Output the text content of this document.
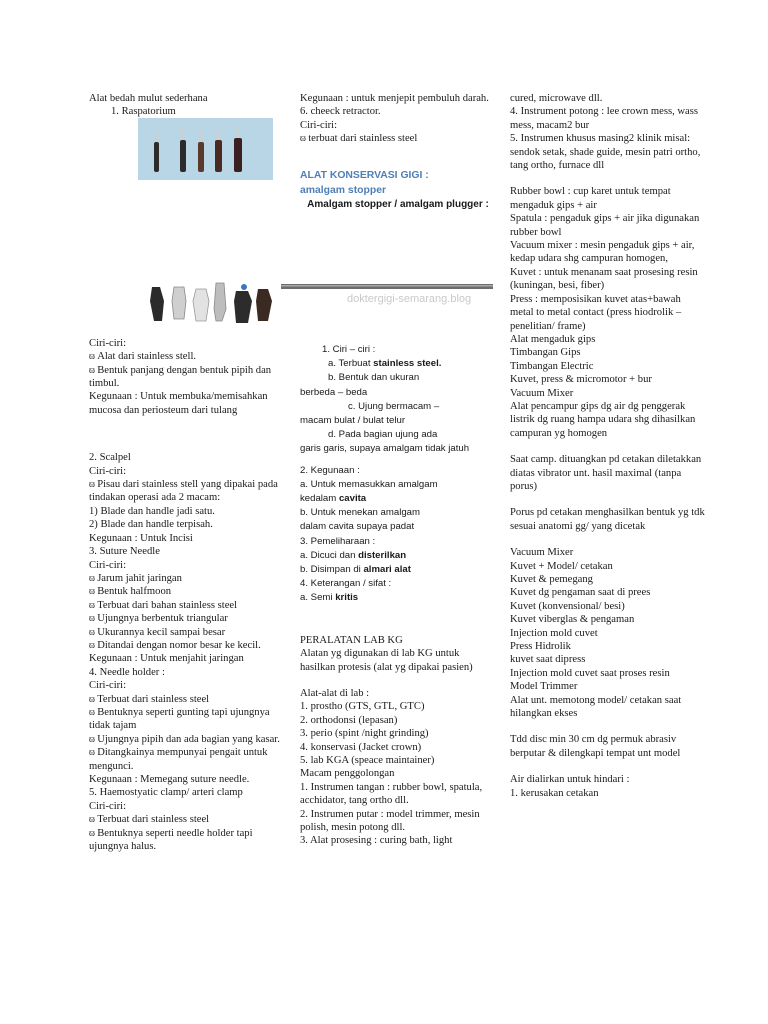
doktergigi-semarang.blog

Alat bedah mulut sederhana

1. Raspatorium

Ciri-ciri:

ϖ Alat dari stainless stell.

ϖ Bentuk panjang dengan bentuk pipih dan timbul.

Kegunaan : Untuk membuka/memisahkan mucosa dan periosteum dari tulang

2. Scalpel

Ciri-ciri:

ϖ Pisau dari stainless stell yang dipakai pada tindakan operasi ada 2 macam:

1) Blade dan handle jadi satu.

2) Blade dan handle terpisah.

Kegunaan : Untuk Incisi

3. Suture Needle

Ciri-ciri:

ϖ Jarum jahit jaringan

ϖ Bentuk halfmoon

ϖ Terbuat dari bahan stainless steel

ϖ Ujungnya berbentuk triangular

ϖ Ukurannya kecil sampai besar

ϖ Ditandai dengan nomor besar ke kecil.

Kegunaan : Untuk menjahit jaringan

4. Needle holder :

Ciri-ciri:

ϖ Terbuat dari stainless steel

ϖ Bentuknya seperti gunting tapi ujungnya tidak tajam

ϖ Ujungnya pipih dan ada bagian yang kasar.

ϖ Ditangkainya mempunyai pengait untuk mengunci.

Kegunaan : Memegang suture needle.

5. Haemostyatic clamp/ arteri clamp

Ciri-ciri:

ϖ Terbuat dari stainless steel

ϖ Bentuknya seperti needle holder tapi ujungnya halus.

Kegunaan : untuk menjepit pembuluh darah.

6. cheeck retractor.

Ciri-ciri:

ϖ terbuat dari stainless steel

ALAT KONSERVASI GIGI :

amalgam stopper

Amalgam stopper / amalgam plugger :

1. Ciri – ciri :

a. Terbuat stainless steel.

b. Bentuk dan ukuran

berbeda – beda

c. Ujung bermacam –

macam bulat / bulat telur

d. Pada bagian ujung ada

garis garis, supaya amalgam tidak jatuh

2. Kegunaan :

a. Untuk memasukkan amalgam

kedalam cavita

b. Untuk menekan amalgam

dalam cavita supaya padat

3. Pemeliharaan :

a. Dicuci dan disterilkan

b. Disimpan di almari alat

4. Keterangan / sifat :

a. Semi kritis

PERALATAN LAB KG

Alatan yg digunakan di lab KG untuk hasilkan protesis (alat yg dipakai pasien)

Alat-alat di lab :

1. prostho (GTS, GTL, GTC)

2. orthodonsi (lepasan)

3. perio (spint /night grinding)

4. konservasi (Jacket crown)

5. lab KGA (speace maintainer)

Macam penggolongan

1. Instrumen tangan : rubber bowl, spatula, acchidator, tang ortho dll.

2. Instrumen putar : model trimmer, mesin polish, mesin potong dll.

3. Alat prosesing : curing bath, light

cured, microwave dll.

4. Instrument potong : lee crown mess, wass mess, macam2 bur

5. Instrumen khusus masing2 klinik misal: sendok setak, shade guide, mesin patri ortho, tang ortho, furnace dll

Rubber bowl : cup karet untuk tempat mengaduk gips + air

Spatula : pengaduk gips + air jika digunakan rubber bowl

Vacuum mixer : mesin pengaduk gips + air, kedap udara shg campuran homogen,

Kuvet : untuk menanam saat prosesing resin (kuningan, besi, fiber)

Press : memposisikan kuvet atas+bawah metal to metal contact (press hiodrolik – penelitian/ frame)

Alat mengaduk gips

Timbangan Gips

Timbangan Electric

Kuvet, press & micromotor + bur

Vacuum Mixer

Alat pencampur gips dg air dg penggerak listrik dg ruang hampa udara shg dihasilkan campuran yg homogen

Saat camp. dituangkan pd cetakan diletakkan diatas vibrator unt. hasil maximal (tanpa porus)

Porus pd cetakan menghasilkan bentuk yg tdk sesuai anatomi gg/ yang dicetak

Vacuum Mixer

Kuvet + Model/ cetakan

Kuvet & pemegang

Kuvet dg pengaman saat di prees

Kuvet (konvensional/ besi)

Kuvet viberglas & pengaman

Injection mold cuvet

Press Hidrolik

kuvet saat dipress

Injection mold cuvet saat proses resin

Model Trimmer

Alat unt. memotong model/ cetakan saat hilangkan ekses

Tdd disc min 30 cm dg permuk abrasiv berputar & dilengkapi tempat unt model

Air dialirkan untuk hindari :

1. kerusakan cetakan
